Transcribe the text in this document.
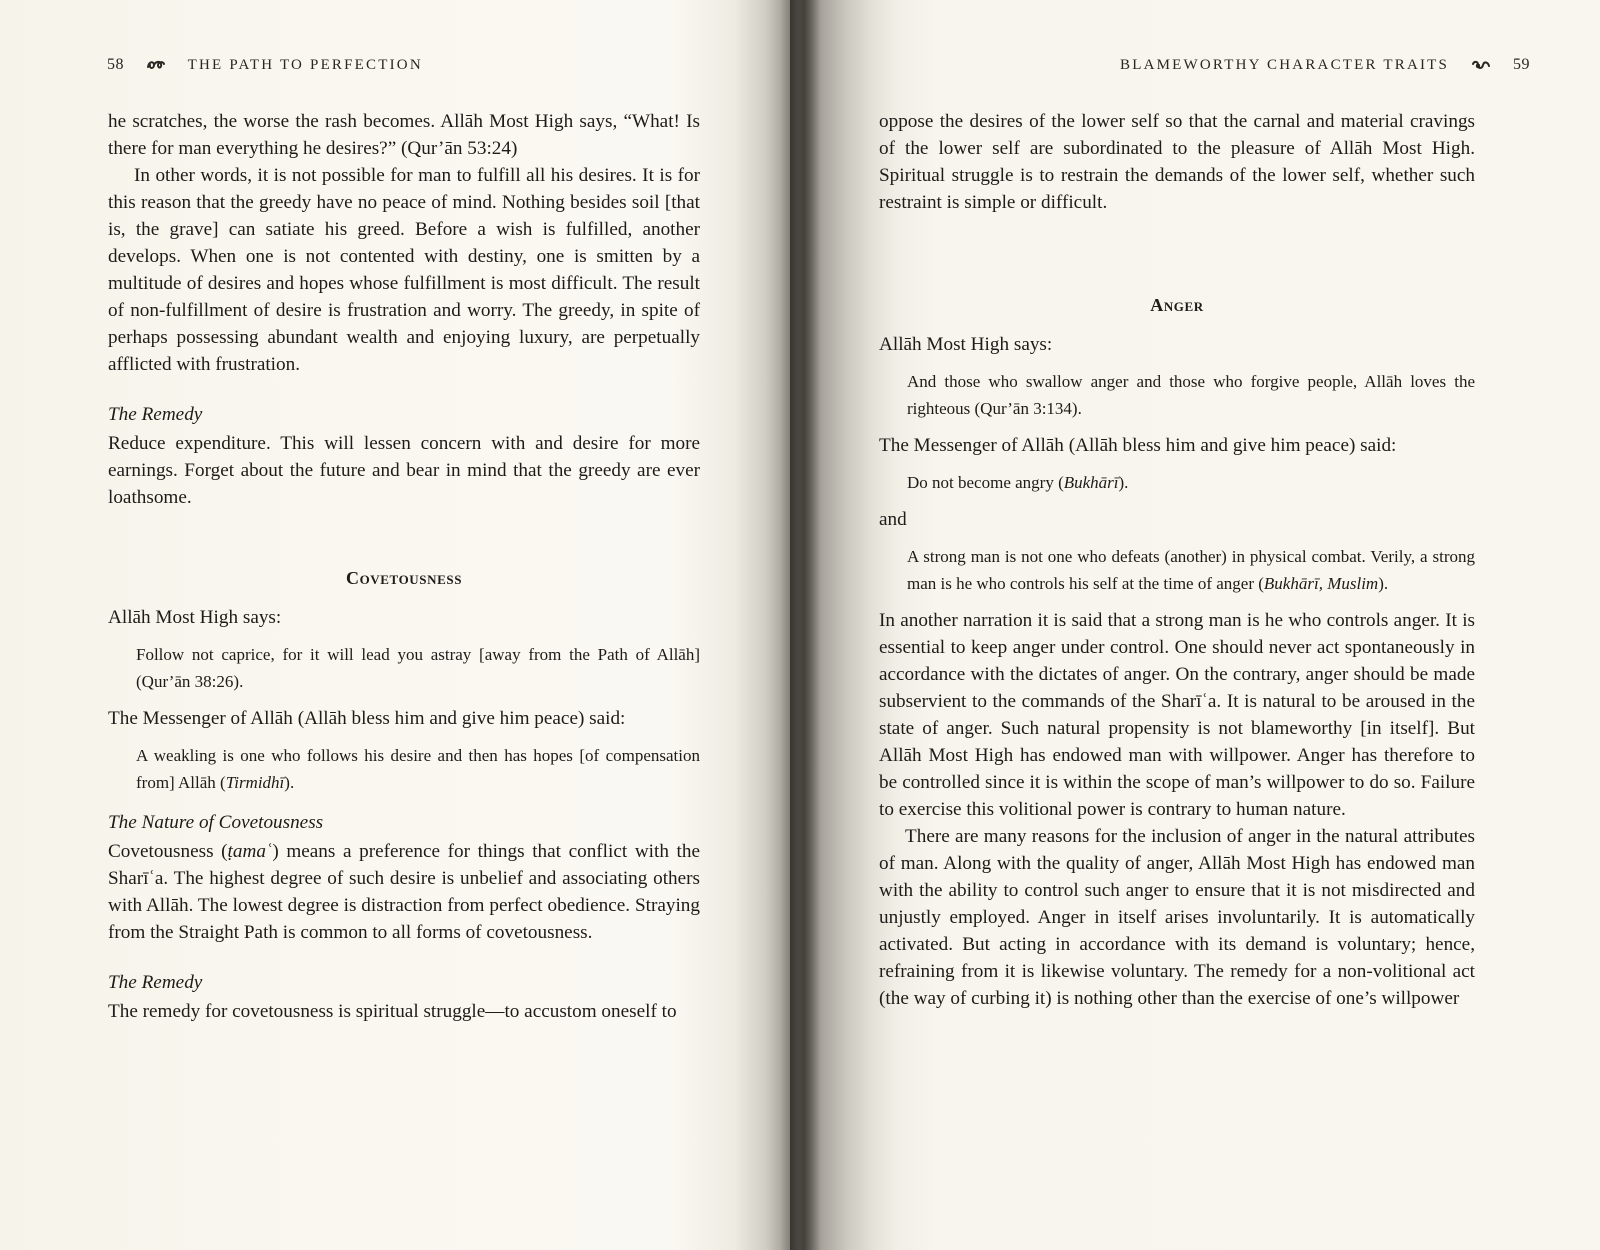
58	THE PATH TO PERFECTION

he scratches, the worse the rash becomes. Allāh Most High says, “What! Is there for man everything he desires?” (Qur’ān 53:24)

In other words, it is not possible for man to fulfill all his desires. It is for this reason that the greedy have no peace of mind. Nothing besides soil [that is, the grave] can satiate his greed. Before a wish is fulfilled, another develops. When one is not contented with destiny, one is smitten by a multitude of desires and hopes whose fulfillment is most difficult. The result of non-fulfillment of desire is frustration and worry. The greedy, in spite of perhaps possessing abundant wealth and enjoying luxury, are perpetually afflicted with frustration.

The Remedy

Reduce expenditure. This will lessen concern with and desire for more earnings. Forget about the future and bear in mind that the greedy are ever loathsome.

Covetousness

Allāh Most High says:

Follow not caprice, for it will lead you astray [away from the Path of Allāh] (Qur’ān 38:26).

The Messenger of Allāh (Allāh bless him and give him peace) said:

A weakling is one who follows his desire and then has hopes [of compensation from] Allāh (Tirmidhī).

The Nature of Covetousness

Covetousness (ṭamaʿ) means a preference for things that conflict with the Sharīʿa. The highest degree of such desire is unbelief and associating others with Allāh. The lowest degree is distraction from perfect obedience. Straying from the Straight Path is common to all forms of covetousness.

The Remedy

The remedy for covetousness is spiritual struggle—to accustom oneself to

BLAMEWORTHY CHARACTER TRAITS	59

oppose the desires of the lower self so that the carnal and material cravings of the lower self are subordinated to the pleasure of Allāh Most High. Spiritual struggle is to restrain the demands of the lower self, whether such restraint is simple or difficult.

Anger

Allāh Most High says:

And those who swallow anger and those who forgive people, Allāh loves the righteous (Qur’ān 3:134).

The Messenger of Allāh (Allāh bless him and give him peace) said:

Do not become angry (Bukhārī).

and

A strong man is not one who defeats (another) in physical combat. Verily, a strong man is he who controls his self at the time of anger (Bukhārī, Muslim).

In another narration it is said that a strong man is he who controls anger. It is essential to keep anger under control. One should never act spontaneously in accordance with the dictates of anger. On the contrary, anger should be made subservient to the commands of the Sharīʿa. It is natural to be aroused in the state of anger. Such natural propensity is not blameworthy [in itself]. But Allāh Most High has endowed man with willpower. Anger has therefore to be controlled since it is within the scope of man’s willpower to do so. Failure to exercise this volitional power is contrary to human nature.

There are many reasons for the inclusion of anger in the natural attributes of man. Along with the quality of anger, Allāh Most High has endowed man with the ability to control such anger to ensure that it is not misdirected and unjustly employed. Anger in itself arises involuntarily. It is automatically activated. But acting in accordance with its demand is voluntary; hence, refraining from it is likewise voluntary. The remedy for a non-volitional act (the way of curbing it) is nothing other than the exercise of one’s willpower
